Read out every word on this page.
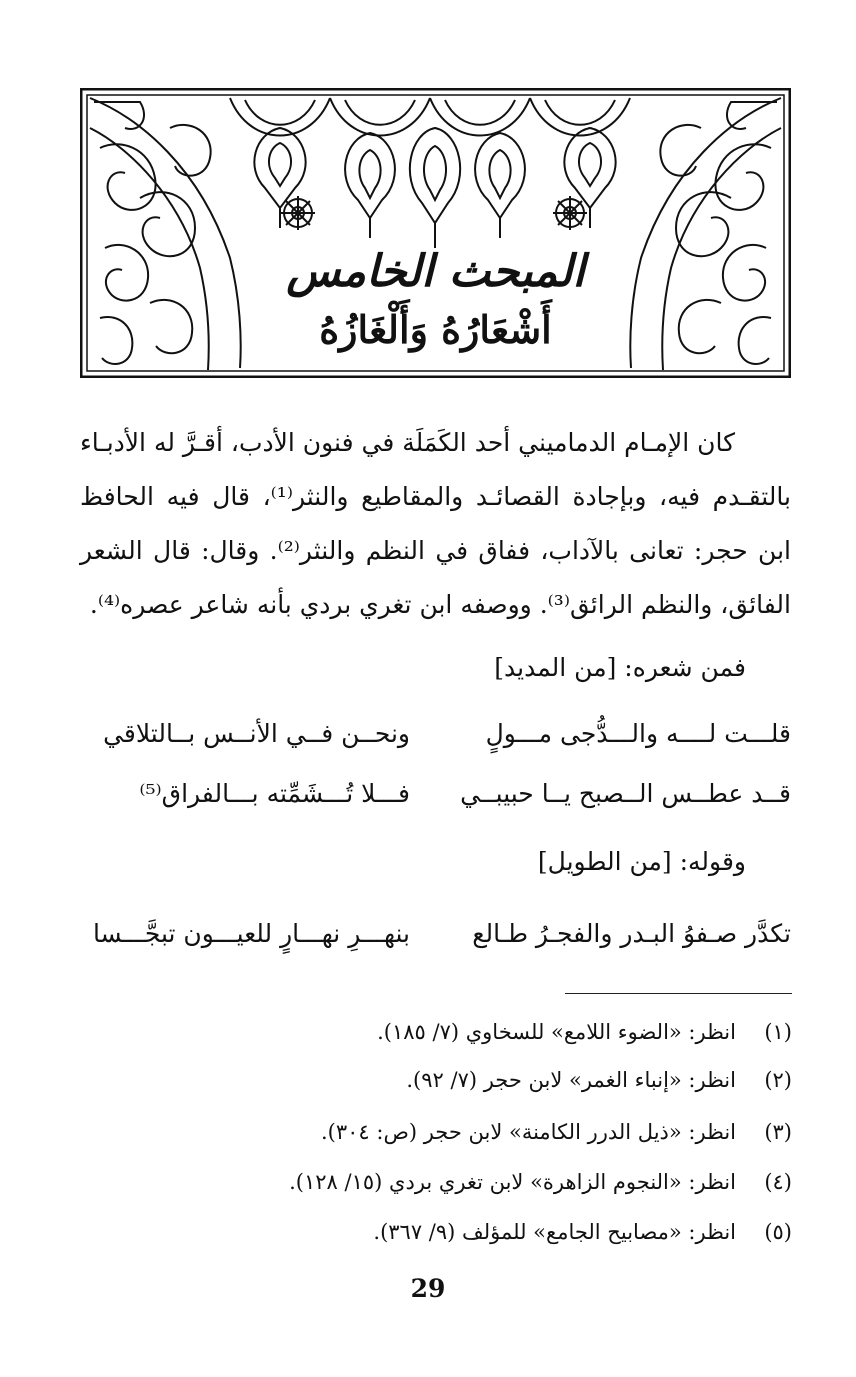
المبحث الخامس
أَشْعَارُهُ وَأَلْغَازُهُ

كان الإمـام الدماميني أحد الكَمَلَة في فنون الأدب، أقـرَّ له الأدبـاء بالتقـدم فيه، وبإجادة القصائـد والمقاطيع والنثر⁽¹⁾، قال فيه الحافظ ابن حجر: تعانى بالآداب، ففاق في النظم والنثر⁽²⁾. وقال: قال الشعر الفائق، والنظم الرائق⁽³⁾. ووصفه ابن تغري بردي بأنه شاعر عصره⁽⁴⁾.

فمن شعره: [من المديد]
قلـــت لــــه والـــدُّجى مـــولٍ
ونحــن فــي الأنــس بــالتلاقي
قــد عطــس الــصبح يــا حبيبــي
فـــلا تُـــشَمِّته بـــالفراق⁽⁵⁾
وقوله: [من الطويل]
تكدَّر صـفوُ البـدر والفجـرُ طـالع
بنهـــرِ نهـــارٍ للعيـــون تبجَّـــسا
(١)انظر: «الضوء اللامع» للسخاوي (٧/ ١٨٥).
(٢)انظر: «إنباء الغمر» لابن حجر (٧/ ٩٢).
(٣)انظر: «ذيل الدرر الكامنة» لابن حجر (ص: ٣٠٤).
(٤)انظر: «النجوم الزاهرة» لابن تغري بردي (١٥/ ١٢٨).
(٥)انظر: «مصابيح الجامع» للمؤلف (٩/ ٣٦٧).
29
